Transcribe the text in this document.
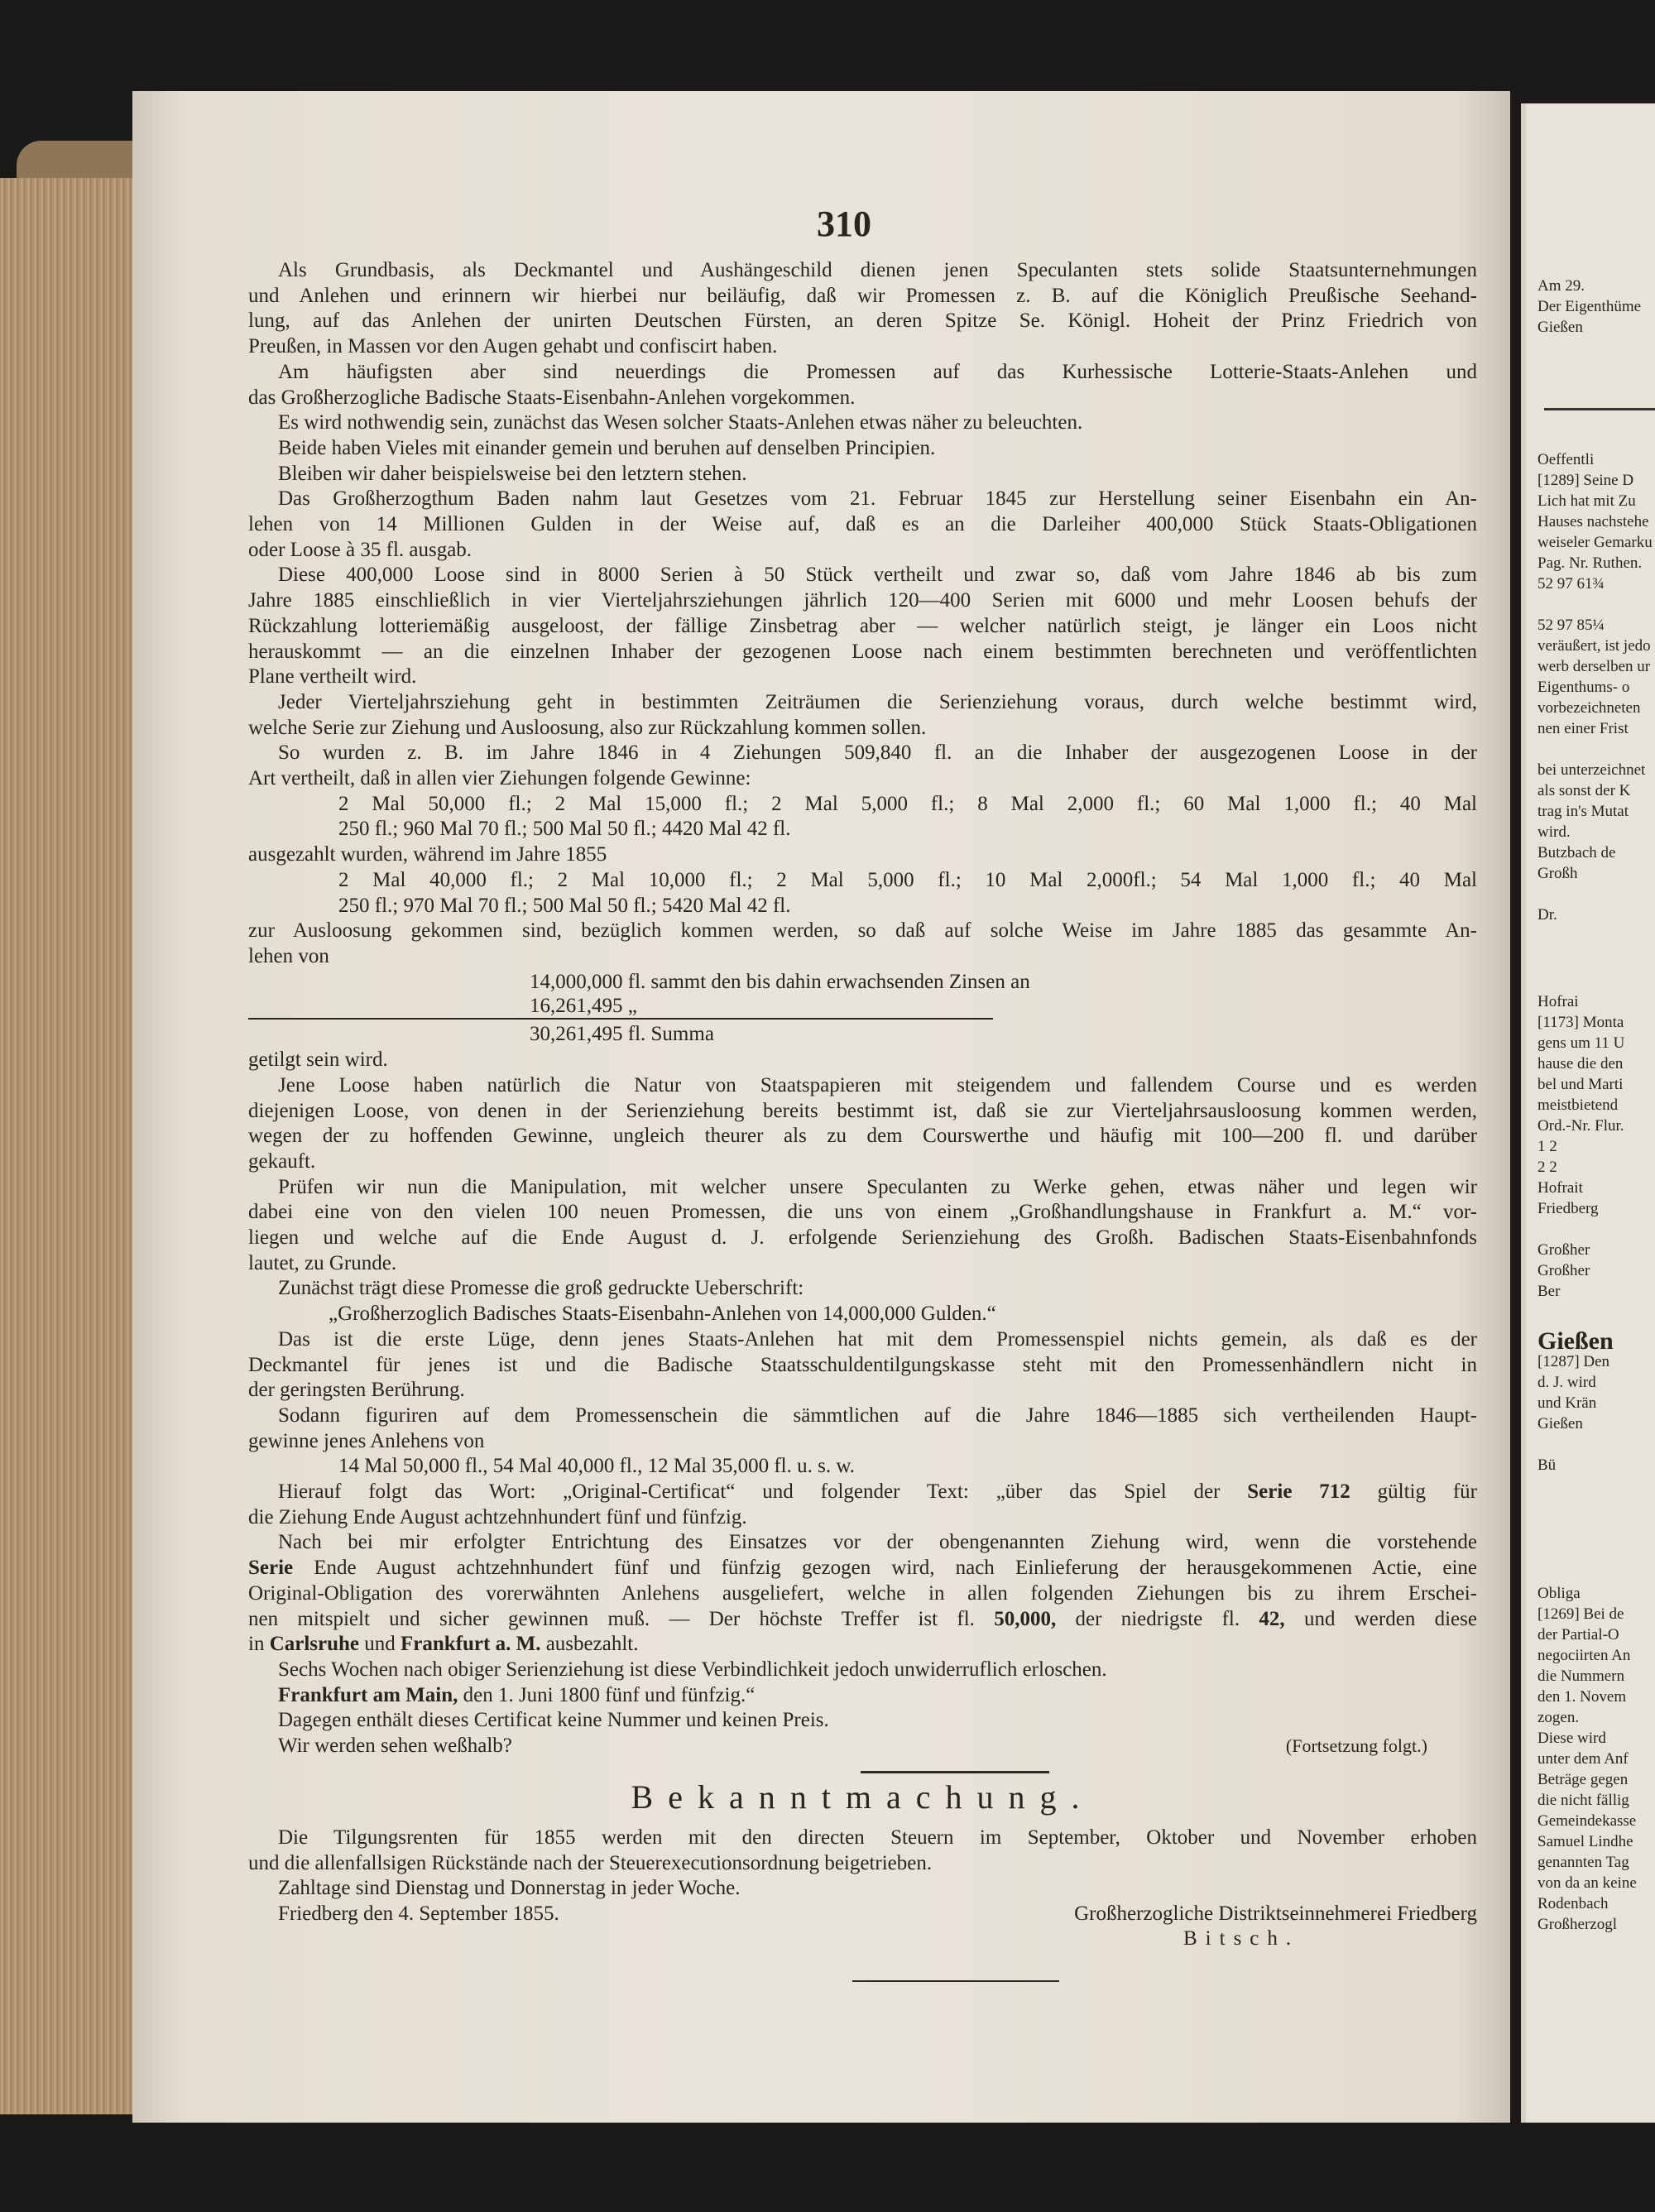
310
Als Grundbasis, als Deckmantel und Aushängeschild dienen jenen Speculanten stets solide Staatsunternehmungen
und Anlehen und erinnern wir hierbei nur beiläufig, daß wir Promessen z. B. auf die Königlich Preußische Seehand-
lung, auf das Anlehen der unirten Deutschen Fürsten, an deren Spitze Se. Königl. Hoheit der Prinz Friedrich von
Preußen, in Massen vor den Augen gehabt und confiscirt haben.
Am häufigsten aber sind neuerdings die Promessen auf das Kurhessische Lotterie-Staats-Anlehen und
das Großherzogliche Badische Staats-Eisenbahn-Anlehen vorgekommen.
Es wird nothwendig sein, zunächst das Wesen solcher Staats-Anlehen etwas näher zu beleuchten.
Beide haben Vieles mit einander gemein und beruhen auf denselben Principien.
Bleiben wir daher beispielsweise bei den letztern stehen.
Das Großherzogthum Baden nahm laut Gesetzes vom 21. Februar 1845 zur Herstellung seiner Eisenbahn ein An-
lehen von 14 Millionen Gulden in der Weise auf, daß es an die Darleiher 400,000 Stück Staats-Obligationen
oder Loose à 35 fl. ausgab.
Diese 400,000 Loose sind in 8000 Serien à 50 Stück vertheilt und zwar so, daß vom Jahre 1846 ab bis zum
Jahre 1885 einschließlich in vier Vierteljahrsziehungen jährlich 120—400 Serien mit 6000 und mehr Loosen behufs der
Rückzahlung lotteriemäßig ausgeloost, der fällige Zinsbetrag aber — welcher natürlich steigt, je länger ein Loos nicht
herauskommt — an die einzelnen Inhaber der gezogenen Loose nach einem bestimmten berechneten und veröffentlichten
Plane vertheilt wird.
Jeder Vierteljahrsziehung geht in bestimmten Zeiträumen die Serienziehung voraus, durch welche bestimmt wird,
welche Serie zur Ziehung und Ausloosung, also zur Rückzahlung kommen sollen.
So wurden z. B. im Jahre 1846 in 4 Ziehungen 509,840 fl. an die Inhaber der ausgezogenen Loose in der
Art vertheilt, daß in allen vier Ziehungen folgende Gewinne:
2 Mal 50,000 fl.; 2 Mal 15,000 fl.; 2 Mal 5,000 fl.; 8 Mal 2,000 fl.; 60 Mal 1,000 fl.; 40 Mal
250 fl.; 960 Mal 70 fl.; 500 Mal 50 fl.; 4420 Mal 42 fl.
ausgezahlt wurden, während im Jahre 1855
2 Mal 40,000 fl.; 2 Mal 10,000 fl.; 2 Mal 5,000 fl.; 10 Mal 2,000fl.; 54 Mal 1,000 fl.; 40 Mal
250 fl.; 970 Mal 70 fl.; 500 Mal 50 fl.; 5420 Mal 42 fl.
zur Ausloosung gekommen sind, bezüglich kommen werden, so daß auf solche Weise im Jahre 1885 das gesammte An-
lehen von
14,000,000 fl. sammt den bis dahin erwachsenden Zinsen an
16,261,495 „
30,261,495 fl. Summa
getilgt sein wird.
Jene Loose haben natürlich die Natur von Staatspapieren mit steigendem und fallendem Course und es werden
diejenigen Loose, von denen in der Serienziehung bereits bestimmt ist, daß sie zur Vierteljahrsausloosung kommen werden,
wegen der zu hoffenden Gewinne, ungleich theurer als zu dem Courswerthe und häufig mit 100—200 fl. und darüber
gekauft.
Prüfen wir nun die Manipulation, mit welcher unsere Speculanten zu Werke gehen, etwas näher und legen wir
dabei eine von den vielen 100 neuen Promessen, die uns von einem „Großhandlungshause in Frankfurt a. M.“ vor-
liegen und welche auf die Ende August d. J. erfolgende Serienziehung des Großh. Badischen Staats-Eisenbahnfonds
lautet, zu Grunde.
Zunächst trägt diese Promesse die groß gedruckte Ueberschrift:
„Großherzoglich Badisches Staats-Eisenbahn-Anlehen von 14,000,000 Gulden.“
Das ist die erste Lüge, denn jenes Staats-Anlehen hat mit dem Promessenspiel nichts gemein, als daß es der
Deckmantel für jenes ist und die Badische Staatsschuldentilgungskasse steht mit den Promessenhändlern nicht in
der geringsten Berührung.
Sodann figuriren auf dem Promessenschein die sämmtlichen auf die Jahre 1846—1885 sich vertheilenden Haupt-
gewinne jenes Anlehens von
14 Mal 50,000 fl., 54 Mal 40,000 fl., 12 Mal 35,000 fl. u. s. w.
Hierauf folgt das Wort: „Original-Certificat“ und folgender Text: „über das Spiel der Serie 712 gültig für
die Ziehung Ende August achtzehnhundert fünf und fünfzig.
Nach bei mir erfolgter Entrichtung des Einsatzes vor der obengenannten Ziehung wird, wenn die vorstehende
Serie Ende August achtzehnhundert fünf und fünfzig gezogen wird, nach Einlieferung der herausgekommenen Actie, eine
Original-Obligation des vorerwähnten Anlehens ausgeliefert, welche in allen folgenden Ziehungen bis zu ihrem Erschei-
nen mitspielt und sicher gewinnen muß. — Der höchste Treffer ist fl. 50,000, der niedrigste fl. 42, und werden diese
in Carlsruhe und Frankfurt a. M. ausbezahlt.
Sechs Wochen nach obiger Serienziehung ist diese Verbindlichkeit jedoch unwiderruflich erloschen.
Frankfurt am Main, den 1. Juni 1800 fünf und fünfzig.“
Dagegen enthält dieses Certificat keine Nummer und keinen Preis.
Wir werden sehen weßhalb?	(Fortsetzung folgt.)
Bekanntmachung.
Die Tilgungsrenten für 1855 werden mit den directen Steuern im September, Oktober und November erhoben
und die allenfallsigen Rückstände nach der Steuerexecutionsordnung beigetrieben.
Zahltage sind Dienstag und Donnerstag in jeder Woche.
Friedberg den 4. September 1855.	Großherzogliche Distriktseinnehmerei Friedberg
Bitsch.
Am 29.
Der Eigenthüme
Gießen
Oeffentli
[1289] Seine D
Lich hat mit Zu
Hauses nachstehe
weiseler Gemarku
Pag. Nr. Ruthen.
52 97 61¾
52 97 85¼
veräußert, ist jedo
werb derselben ur
Eigenthums- o
vorbezeichneten
nen einer Frist
bei unterzeichnet
als sonst der K
trag in's Mutat
wird.
Butzbach de
Großh
Dr.
Hofrai
[1173] Monta
gens um 11 U
hause die den
bel und Marti
meistbietend
Ord.-Nr. Flur.
1 2
2 2
Hofrait
Friedberg
Großher
Großher
Ber
Gießen
[1287] Den
d. J. wird
und Krän
Gießen
Bü
Obliga
[1269] Bei de
der Partial-O
negociirten An
die Nummern
den 1. Novem
zogen.
Diese wird
unter dem Anf
Beträge gegen
die nicht fällig
Gemeindekasse
Samuel Lindhe
genannten Tag
von da an keine
Rodenbach
Großherzogl
